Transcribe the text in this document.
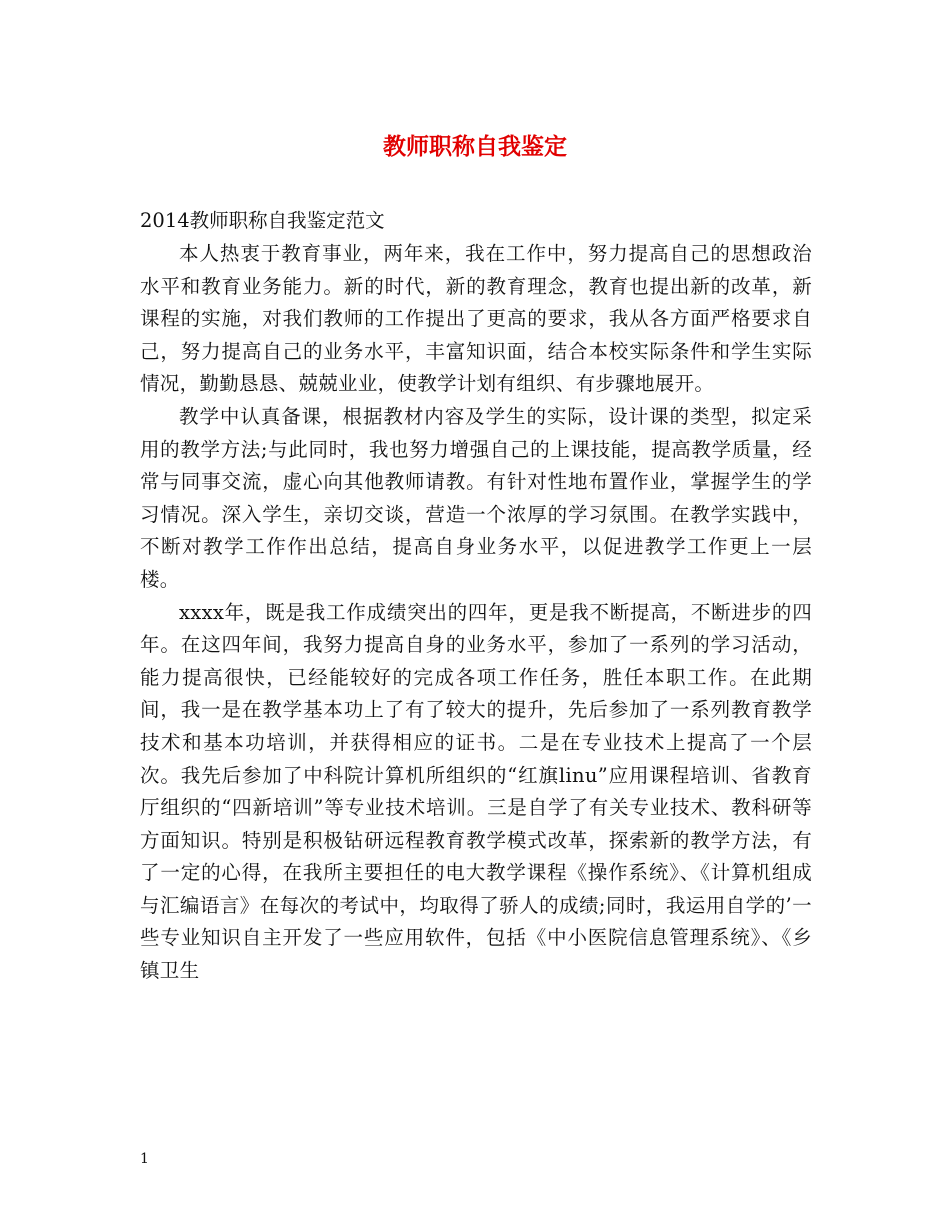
教师职称自我鉴定
2014教师职称自我鉴定范文

本人热衷于教育事业，两年来，我在工作中，努力提高自己的思想政治水平和教育业务能力。新的时代，新的教育理念，教育也提出新的改革，新课程的实施，对我们教师的工作提出了更高的要求，我从各方面严格要求自己，努力提高自己的业务水平，丰富知识面，结合本校实际条件和学生实际情况，勤勤恳恳、兢兢业业，使教学计划有组织、有步骤地展开。

教学中认真备课，根据教材内容及学生的实际，设计课的类型，拟定采用的教学方法;与此同时，我也努力增强自己的上课技能，提高教学质量，经常与同事交流，虚心向其他教师请教。有针对性地布置作业，掌握学生的学习情况。深入学生，亲切交谈，营造一个浓厚的学习氛围。在教学实践中，不断对教学工作作出总结，提高自身业务水平，以促进教学工作更上一层楼。

xxxx年，既是我工作成绩突出的四年，更是我不断提高，不断进步的四年。在这四年间，我努力提高自身的业务水平，参加了一系列的学习活动，能力提高很快，已经能较好的完成各项工作任务，胜任本职工作。在此期间，我一是在教学基本功上了有了较大的提升，先后参加了一系列教育教学技术和基本功培训，并获得相应的证书。二是在专业技术上提高了一个层次。我先后参加了中科院计算机所组织的“红旗linu”应用课程培训、省教育厅组织的“四新培训”等专业技术培训。三是自学了有关专业技术、教科研等方面知识。特别是积极钻研远程教育教学模式改革，探索新的教学方法，有了一定的心得，在我所主要担任的电大教学课程《操作系统》、《计算机组成与汇编语言》在每次的考试中，均取得了骄人的成绩;同时，我运用自学的’一些专业知识自主开发了一些应用软件，包括《中小医院信息管理系统》、《乡镇卫生

1
